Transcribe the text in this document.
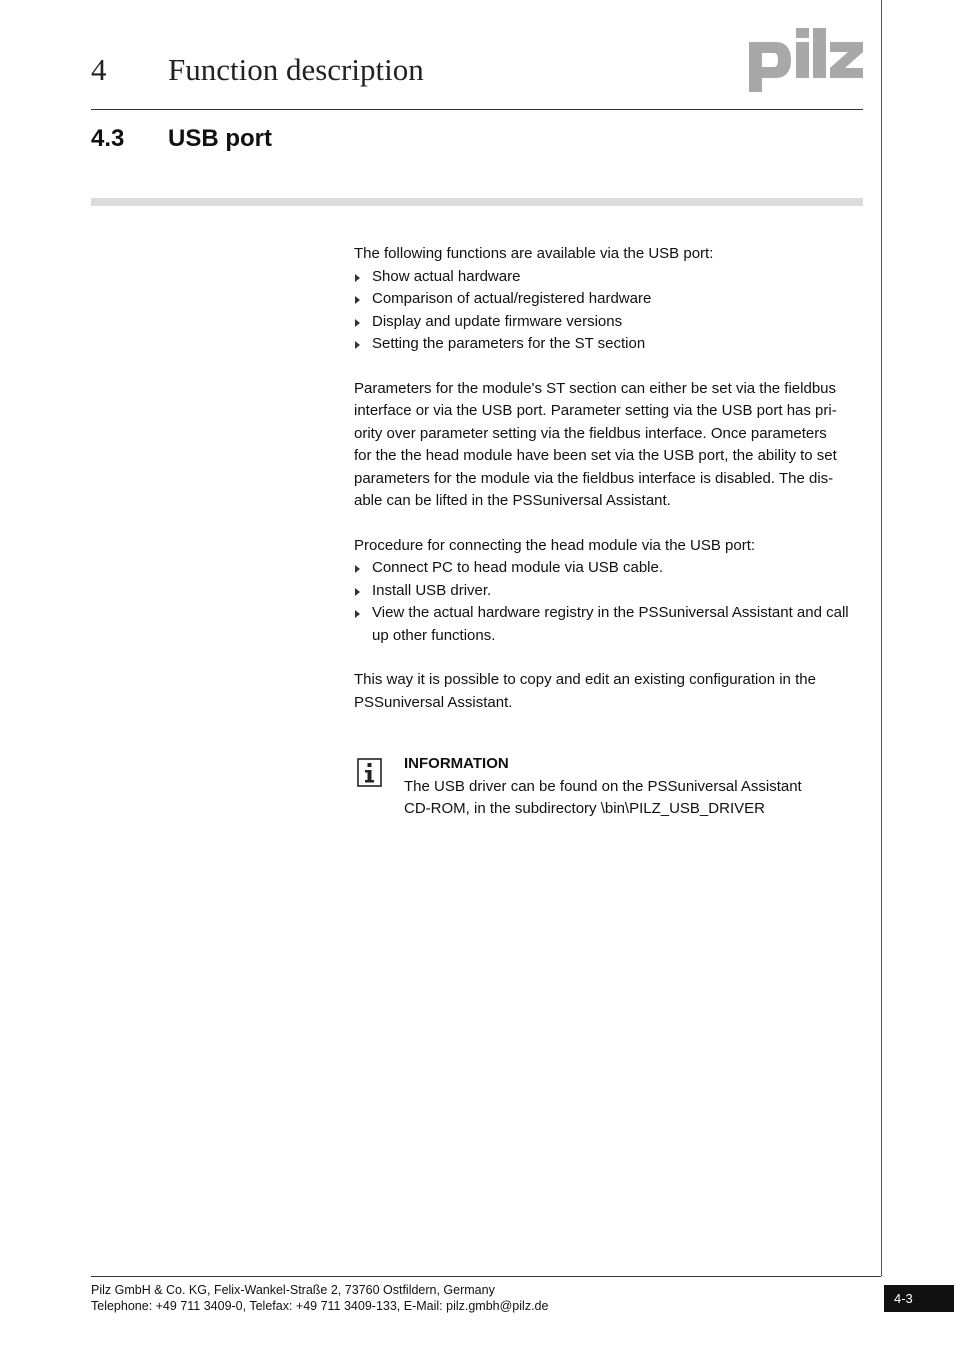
4 Function description
4.3 USB port

The following functions are available via the USB port:

Show actual hardware
Comparison of actual/registered hardware
Display and update firmware versions
Setting the parameters for the ST section
Parameters for the module's ST section can either be set via the fieldbus
interface or via the USB port. Parameter setting via the USB port has pri-
ority over parameter setting via the fieldbus interface. Once parameters
for the the head module have been set via the USB port, the ability to set
parameters for the module via the fieldbus interface is disabled. The dis-
able can be lifted in the PSSuniversal Assistant.

Procedure for connecting the head module via the USB port:

Connect PC to head module via USB cable.
Install USB driver.
View the actual hardware registry in the PSSuniversal Assistant and call up other functions.
This way it is possible to copy and edit an existing configuration in the
PSSuniversal Assistant.
INFORMATION
The USB driver can be found on the PSSuniversal Assistant
CD-ROM, in the subdirectory \bin\PILZ_USB_DRIVER
Pilz GmbH & Co. KG, Felix-Wankel-Straße 2, 73760 Ostfildern, Germany
Telephone: +49 711 3409-0, Telefax: +49 711 3409-133, E-Mail: pilz.gmbh@pilz.de	4-3
